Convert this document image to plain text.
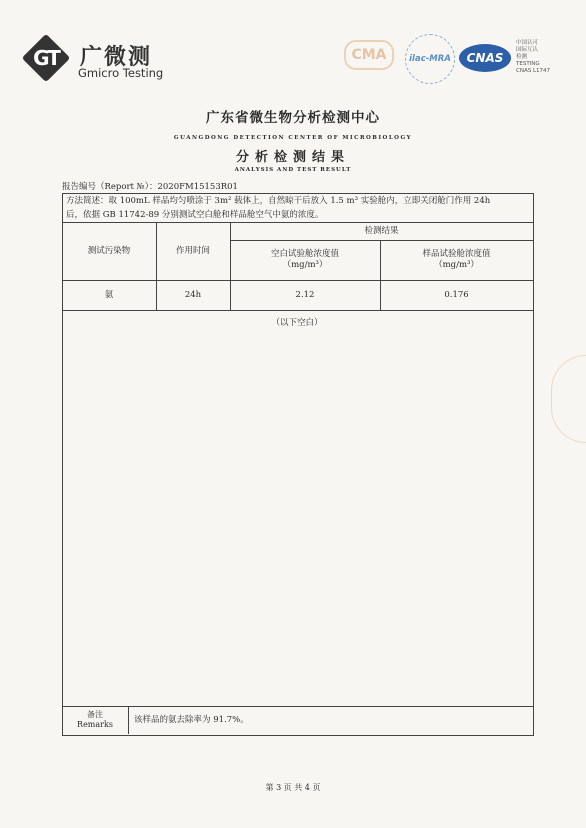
GT 广微测
Gmicro Testing
CMA	ilac-MRA	CNAS
中国认可
国际互认
检测
TESTING
CNAS L1747
广东省微生物分析检测中心
GUANGDONG DETECTION CENTER OF MICROBIOLOGY
分析检测结果
ANALYSIS AND TEST RESULT
报告编号（Report №）：2020FM15153R01
方法简述：取 100mL 样品均匀喷涂于 3m² 载体上，自然晾干后放入 1.5 m³ 实验舱内，立即关闭舱门作用 24h
后，依据 GB 11742-89 分别测试空白舱和样品舱空气中氨的浓度。
测试污染物	作用时间
检测结果
空白试验舱浓度值
（mg/m³）
样品试验舱浓度值
（mg/m³）
氨	24h	2.12	0.176
（以下空白）
备注
Remarks 该样品的氨去除率为 91.7%。
第 3 页 共 4 页
